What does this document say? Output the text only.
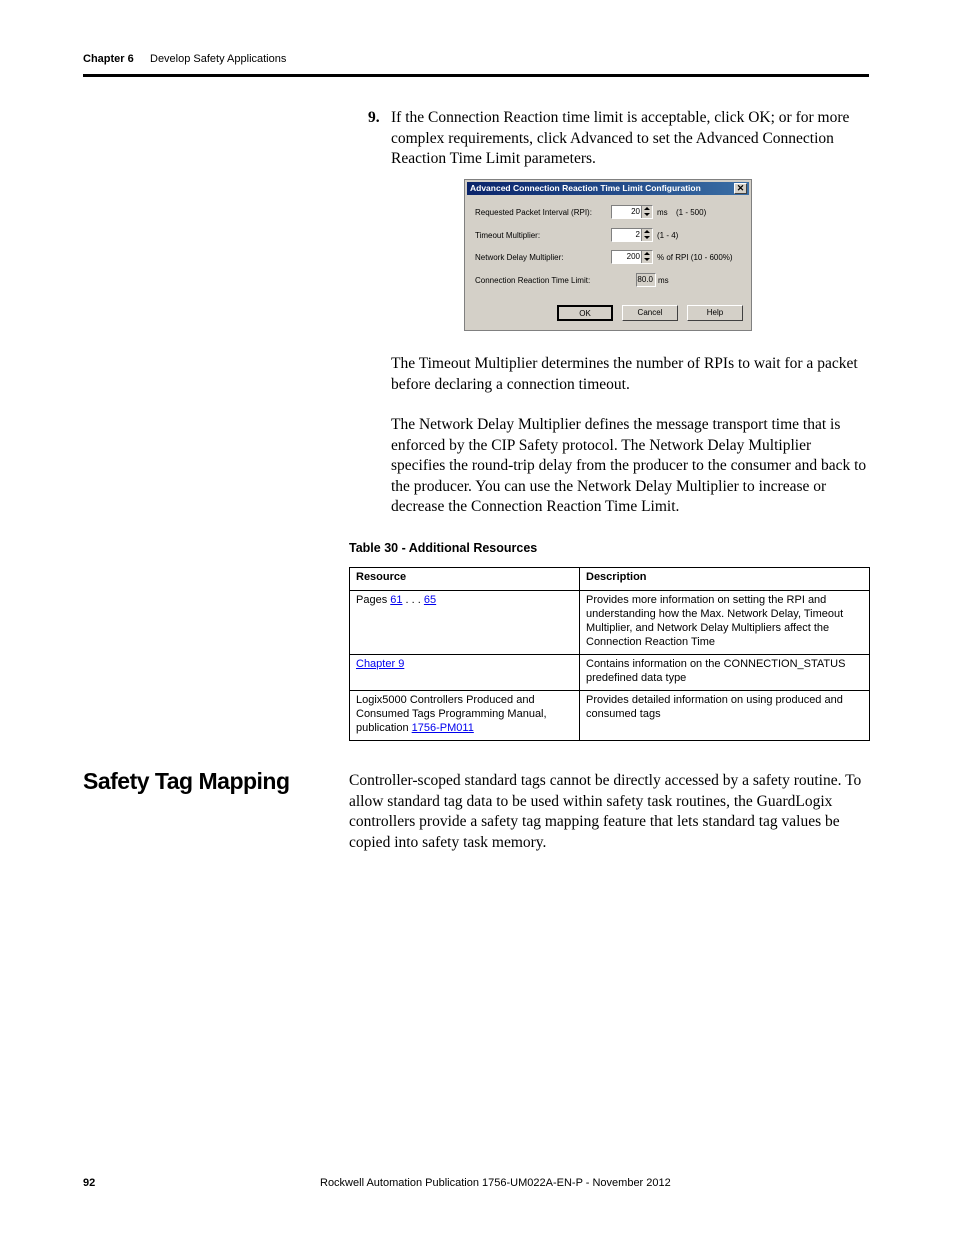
Chapter 6 Develop Safety Applications
9. If the Connection Reaction time limit is acceptable, click OK; or for more complex requirements, click Advanced to set the Advanced Connection Reaction Time Limit parameters.
Advanced Connection Reaction Time Limit Configuration	✕
Requested Packet Interval (RPI):	20	ms (1 - 500)
Timeout Multiplier:	2	(1 - 4)
Network Delay Multiplier:	200	% of RPI (10 - 600%)
Connection Reaction Time Limit:	80.0 ms
OK	Cancel	Help
The Timeout Multiplier determines the number of RPIs to wait for a packet before declaring a connection timeout.
The Network Delay Multiplier defines the message transport time that is enforced by the CIP Safety protocol. The Network Delay Multiplier specifies the round-trip delay from the producer to the consumer and back to the producer. You can use the Network Delay Multiplier to increase or decrease the Connection Reaction Time Limit.
Table 30 - Additional Resources
Resource	Description
Pages 61 . . . 65	Provides more information on setting the RPI and understanding how the Max. Network Delay, Timeout Multiplier, and Network Delay Multipliers affect the Connection Reaction Time
Chapter 9	Contains information on the CONNECTION_STATUS predefined data type
Logix5000 Controllers Produced and Consumed Tags Programming Manual, publication 1756-PM011	Provides detailed information on using produced and consumed tags
Safety Tag Mapping	Controller-scoped standard tags cannot be directly accessed by a safety routine. To allow standard tag data to be used within safety task routines, the GuardLogix controllers provide a safety tag mapping feature that lets standard tag values be copied into safety task memory.
92	Rockwell Automation Publication 1756-UM022A-EN-P - November 2012
